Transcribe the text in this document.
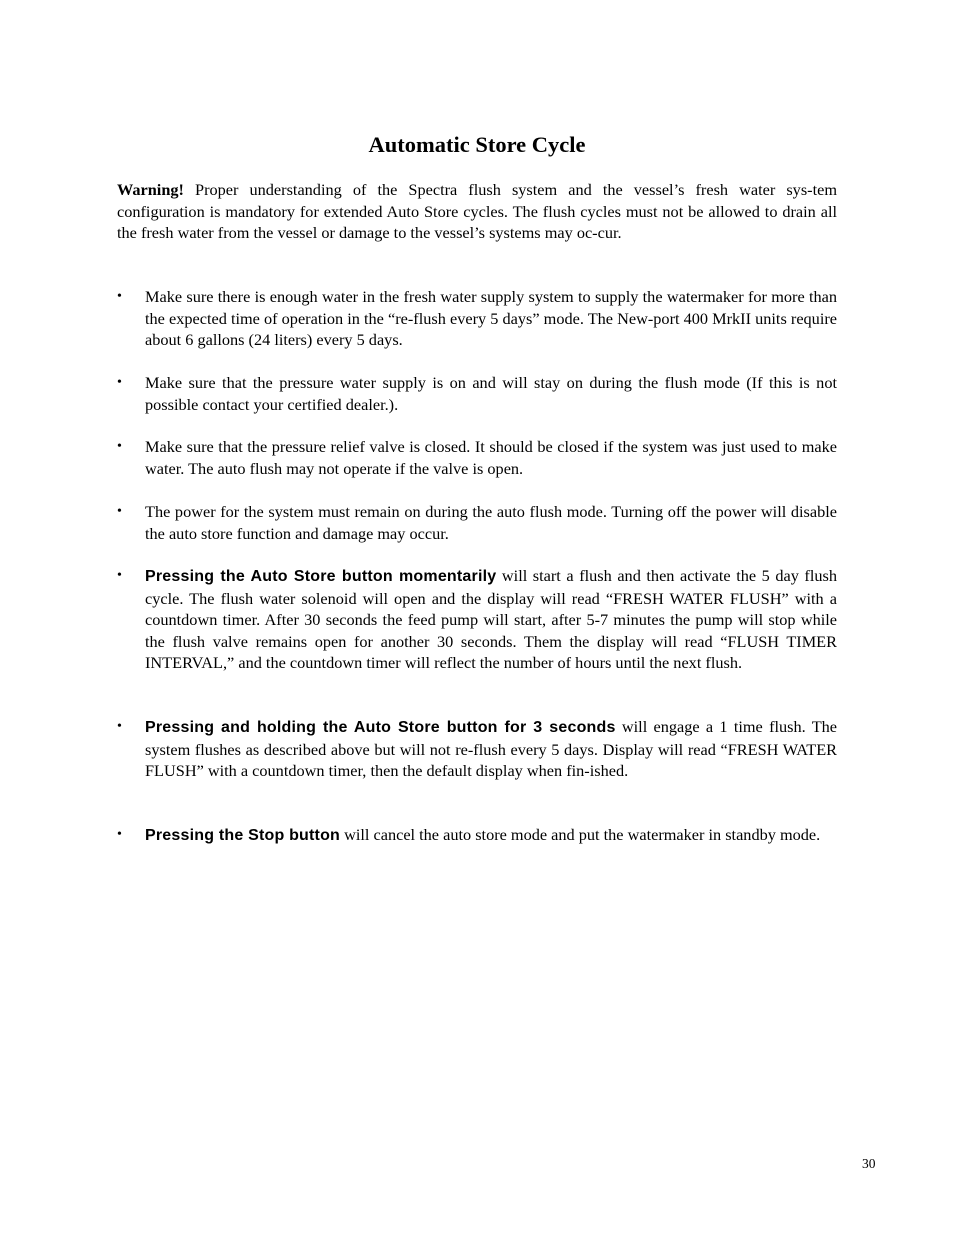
Automatic Store Cycle

Warning! Proper understanding of the Spectra flush system and the vessel’s fresh water sys-tem configuration is mandatory for extended Auto Store cycles. The flush cycles must not be allowed to drain all the fresh water from the vessel or damage to the vessel’s systems may oc-cur.

•	Make sure there is enough water in the fresh water supply system to supply the watermaker for more than the expected time of operation in the “re-flush every 5 days” mode. The New-port 400 MrkII units require about 6 gallons (24 liters) every 5 days.
•	Make sure that the pressure water supply is on and will stay on during the flush mode (If this is not possible contact your certified dealer.).
•	Make sure that the pressure relief valve is closed. It should be closed if the system was just used to make water. The auto flush may not operate if the valve is open.
•	The power for the system must remain on during the auto flush mode. Turning off the power will disable the auto store function and damage may occur.
•	Pressing the Auto Store button momentarily will start a flush and then activate the 5 day flush cycle. The flush water solenoid will open and the display will read “FRESH WATER FLUSH” with a countdown timer. After 30 seconds the feed pump will start, after 5-7 minutes the pump will stop while the flush valve remains open for another 30 seconds. Them the display will read “FLUSH TIMER INTERVAL,” and the countdown timer will reflect the number of hours until the next flush.
•	Pressing and holding the Auto Store button for 3 seconds will engage a 1 time flush. The system flushes as described above but will not re-flush every 5 days. Display will read “FRESH WATER FLUSH” with a countdown timer, then the default display when fin-ished.
•	Pressing the Stop button will cancel the auto store mode and put the watermaker in standby mode.
30
